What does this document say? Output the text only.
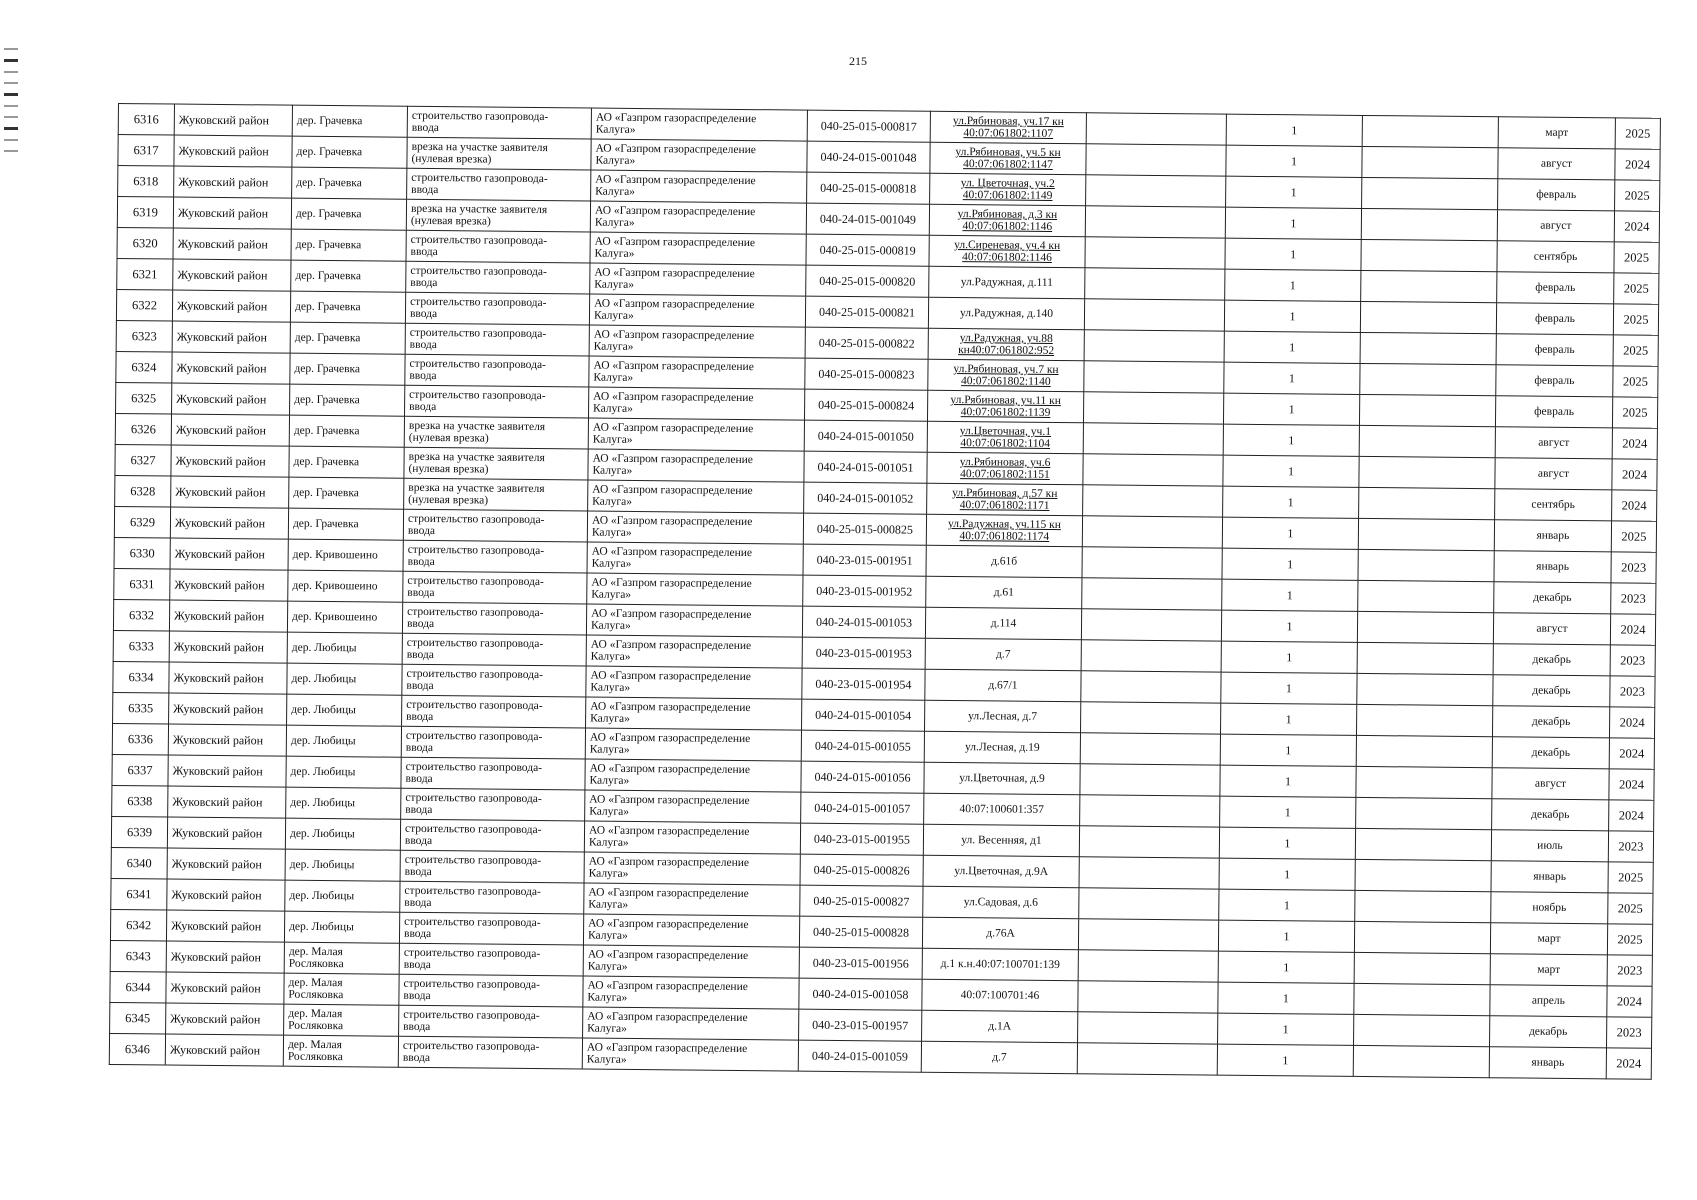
215
6316	Жуковский район	дер. Грачевка	строительство газопровода-
ввода	АО «Газпром газораспределение
Калуга»	040-25-015-000817	ул.Рябиновая, уч.17 кн
40:07:061802:1107		1		март	2025
6317	Жуковский район	дер. Грачевка	врезка на участке заявителя
(нулевая врезка)	АО «Газпром газораспределение
Калуга»	040-24-015-001048	ул.Рябиновая, уч.5 кн
40:07:061802:1147		1		август	2024
6318	Жуковский район	дер. Грачевка	строительство газопровода-
ввода	АО «Газпром газораспределение
Калуга»	040-25-015-000818	ул. Цветочная, уч.2
40:07:061802:1149		1		февраль	2025
6319	Жуковский район	дер. Грачевка	врезка на участке заявителя
(нулевая врезка)	АО «Газпром газораспределение
Калуга»	040-24-015-001049	ул.Рябиновая, д.3 кн
40:07:061802:1146		1		август	2024
6320	Жуковский район	дер. Грачевка	строительство газопровода-
ввода	АО «Газпром газораспределение
Калуга»	040-25-015-000819	ул.Сиреневая, уч.4 кн
40:07:061802:1146		1		сентябрь	2025
6321	Жуковский район	дер. Грачевка	строительство газопровода-
ввода	АО «Газпром газораспределение
Калуга»	040-25-015-000820	ул.Радужная, д.111		1		февраль	2025
6322	Жуковский район	дер. Грачевка	строительство газопровода-
ввода	АО «Газпром газораспределение
Калуга»	040-25-015-000821	ул.Радужная, д.140		1		февраль	2025
6323	Жуковский район	дер. Грачевка	строительство газопровода-
ввода	АО «Газпром газораспределение
Калуга»	040-25-015-000822	ул.Радужная, уч.88
кн40:07:061802:952		1		февраль	2025
6324	Жуковский район	дер. Грачевка	строительство газопровода-
ввода	АО «Газпром газораспределение
Калуга»	040-25-015-000823	ул.Рябиновая, уч.7 кн
40:07:061802:1140		1		февраль	2025
6325	Жуковский район	дер. Грачевка	строительство газопровода-
ввода	АО «Газпром газораспределение
Калуга»	040-25-015-000824	ул.Рябиновая, уч.11 кн
40:07:061802:1139		1		февраль	2025
6326	Жуковский район	дер. Грачевка	врезка на участке заявителя
(нулевая врезка)	АО «Газпром газораспределение
Калуга»	040-24-015-001050	ул.Цветочная, уч.1
40:07:061802:1104		1		август	2024
6327	Жуковский район	дер. Грачевка	врезка на участке заявителя
(нулевая врезка)	АО «Газпром газораспределение
Калуга»	040-24-015-001051	ул.Рябиновая, уч.6
40:07:061802:1151		1		август	2024
6328	Жуковский район	дер. Грачевка	врезка на участке заявителя
(нулевая врезка)	АО «Газпром газораспределение
Калуга»	040-24-015-001052	ул.Рябиновая, д.57 кн
40:07:061802:1171		1		сентябрь	2024
6329	Жуковский район	дер. Грачевка	строительство газопровода-
ввода	АО «Газпром газораспределение
Калуга»	040-25-015-000825	ул.Радужная, уч.115 кн
40:07:061802:1174		1		январь	2025
6330	Жуковский район	дер. Кривошеино	строительство газопровода-
ввода	АО «Газпром газораспределение
Калуга»	040-23-015-001951	д.61б		1		январь	2023
6331	Жуковский район	дер. Кривошеино	строительство газопровода-
ввода	АО «Газпром газораспределение
Калуга»	040-23-015-001952	д.61		1		декабрь	2023
6332	Жуковский район	дер. Кривошеино	строительство газопровода-
ввода	АО «Газпром газораспределение
Калуга»	040-24-015-001053	д.114		1		август	2024
6333	Жуковский район	дер. Любицы	строительство газопровода-
ввода	АО «Газпром газораспределение
Калуга»	040-23-015-001953	д.7		1		декабрь	2023
6334	Жуковский район	дер. Любицы	строительство газопровода-
ввода	АО «Газпром газораспределение
Калуга»	040-23-015-001954	д.67/1		1		декабрь	2023
6335	Жуковский район	дер. Любицы	строительство газопровода-
ввода	АО «Газпром газораспределение
Калуга»	040-24-015-001054	ул.Лесная, д.7		1		декабрь	2024
6336	Жуковский район	дер. Любицы	строительство газопровода-
ввода	АО «Газпром газораспределение
Калуга»	040-24-015-001055	ул.Лесная, д.19		1		декабрь	2024
6337	Жуковский район	дер. Любицы	строительство газопровода-
ввода	АО «Газпром газораспределение
Калуга»	040-24-015-001056	ул.Цветочная, д.9		1		август	2024
6338	Жуковский район	дер. Любицы	строительство газопровода-
ввода	АО «Газпром газораспределение
Калуга»	040-24-015-001057	40:07:100601:357		1		декабрь	2024
6339	Жуковский район	дер. Любицы	строительство газопровода-
ввода	АО «Газпром газораспределение
Калуга»	040-23-015-001955	ул. Весенняя, д1		1		июль	2023
6340	Жуковский район	дер. Любицы	строительство газопровода-
ввода	АО «Газпром газораспределение
Калуга»	040-25-015-000826	ул.Цветочная, д.9А		1		январь	2025
6341	Жуковский район	дер. Любицы	строительство газопровода-
ввода	АО «Газпром газораспределение
Калуга»	040-25-015-000827	ул.Садовая, д.6		1		ноябрь	2025
6342	Жуковский район	дер. Любицы	строительство газопровода-
ввода	АО «Газпром газораспределение
Калуга»	040-25-015-000828	д.76А		1		март	2025
6343	Жуковский район	дер. Малая
Росляковка	строительство газопровода-
ввода	АО «Газпром газораспределение
Калуга»	040-23-015-001956	д.1 к.н.40:07:100701:139		1		март	2023
6344	Жуковский район	дер. Малая
Росляковка	строительство газопровода-
ввода	АО «Газпром газораспределение
Калуга»	040-24-015-001058	40:07:100701:46		1		апрель	2024
6345	Жуковский район	дер. Малая
Росляковка	строительство газопровода-
ввода	АО «Газпром газораспределение
Калуга»	040-23-015-001957	д.1А		1		декабрь	2023
6346	Жуковский район	дер. Малая
Росляковка	строительство газопровода-
ввода	АО «Газпром газораспределение
Калуга»	040-24-015-001059	д.7		1		январь	2024
